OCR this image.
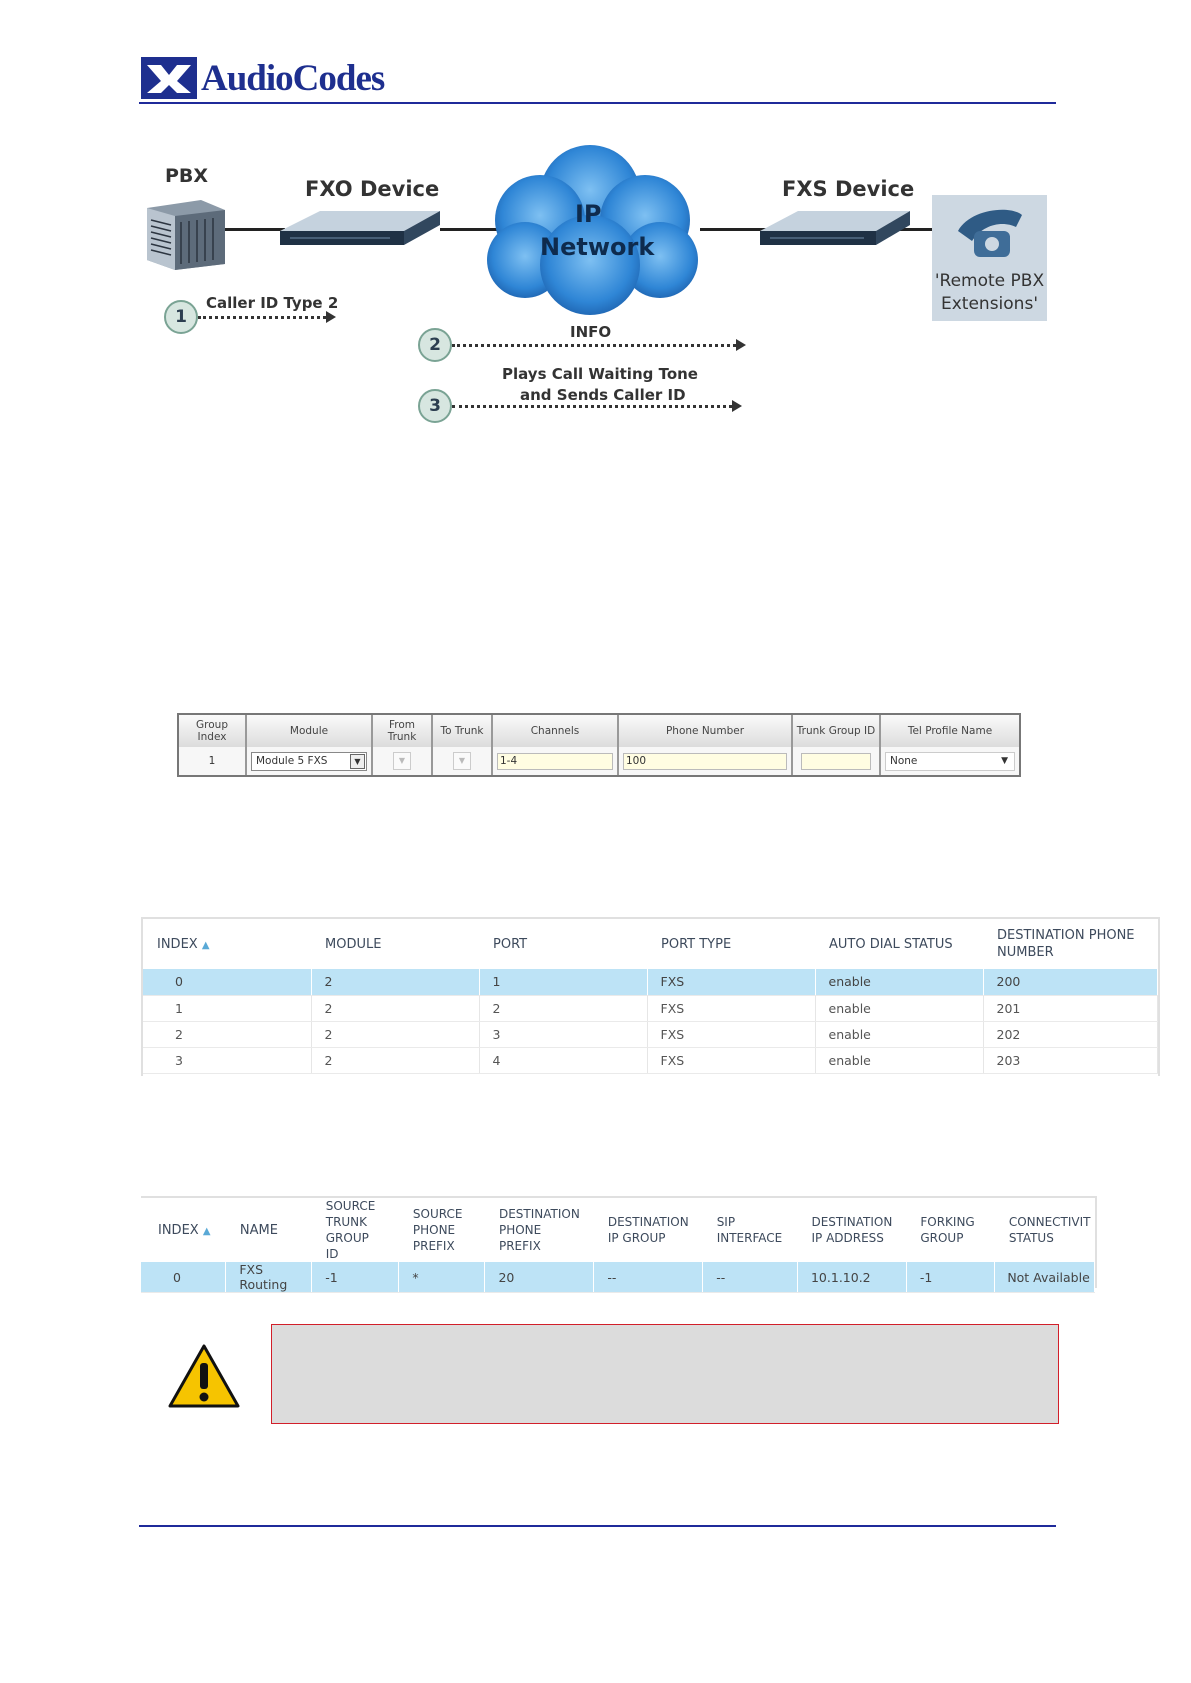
AudioCodes
PBX
FXO Device
IP
Network
FXS Device
'Remote PBX
Extensions'
1
Caller ID Type 2
2
INFO
3
Plays Call Waiting Tone
and Sends Caller ID
Group Index	Module	From Trunk	To Trunk	Channels	Phone Number	Trunk Group ID	Tel Profile Name
1	Module 5 FXS ▼	▼	▼	1-4	100		None ▼
INDEX ▲	MODULE	PORT	PORT TYPE	AUTO DIAL STATUS	DESTINATION PHONE NUMBER
0	2	1	FXS	enable	200
1	2	2	FXS	enable	201
2	2	3	FXS	enable	202
3	2	4	FXS	enable	203
INDEX ▲	NAME	SOURCE TRUNK GROUP ID	SOURCE PHONE PREFIX	DESTINATION PHONE PREFIX	DESTINATION IP GROUP	SIP INTERFACE	DESTINATION IP ADDRESS	FORKING GROUP	CONNECTIVIT STATUS
0	FXS Routing	-1	*	20	--	--	10.1.10.2	-1	Not Available
